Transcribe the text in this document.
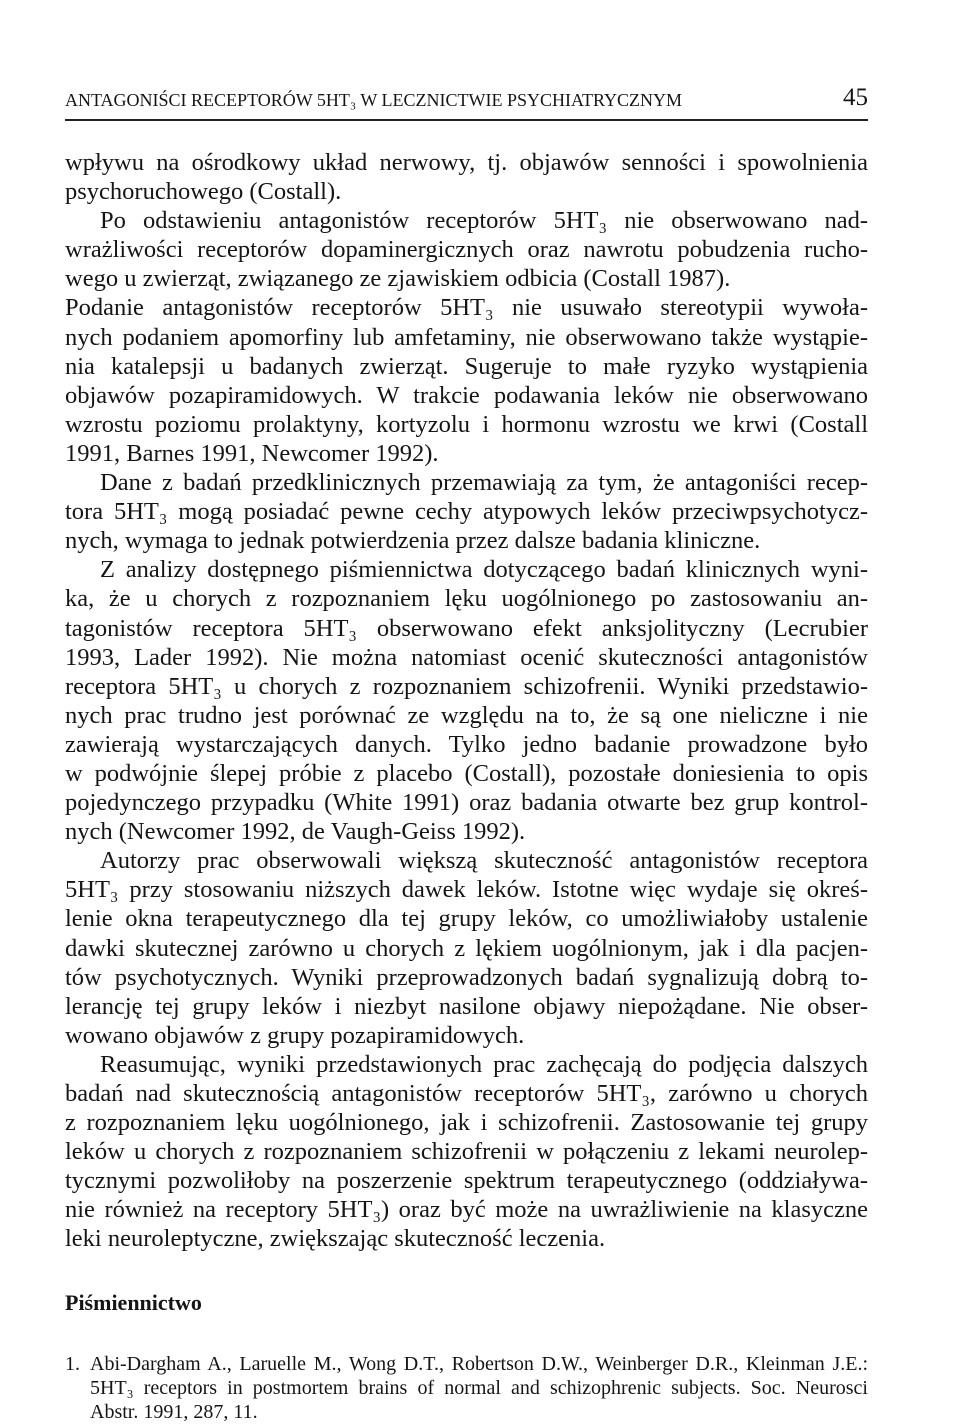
ANTAGONIŚCI RECEPTORÓW 5HT₃ W LECZNICTWIE PSYCHIATRYCZNYM	45
wpływu na ośrodkowy układ nerwowy, tj. objawów senności i spowolnienia
psychoruchowego (Costall).
Po odstawieniu antagonistów receptorów 5HT₃ nie obserwowano nad-
wrażliwości receptorów dopaminergicznych oraz nawrotu pobudzenia rucho-
wego u zwierząt, związanego ze zjawiskiem odbicia (Costall 1987).
Podanie antagonistów receptorów 5HT₃ nie usuwało stereotypii wywoła-
nych podaniem apomorfiny lub amfetaminy, nie obserwowano także wystąpie-
nia katalepsji u badanych zwierząt. Sugeruje to małe ryzyko wystąpienia
objawów pozapiramidowych. W trakcie podawania leków nie obserwowano
wzrostu poziomu prolaktyny, kortyzolu i hormonu wzrostu we krwi (Costall
1991, Barnes 1991, Newcomer 1992).
Dane z badań przedklinicznych przemawiają za tym, że antagoniści recep-
tora 5HT₃ mogą posiadać pewne cechy atypowych leków przeciwpsychotycz-
nych, wymaga to jednak potwierdzenia przez dalsze badania kliniczne.
Z analizy dostępnego piśmiennictwa dotyczącego badań klinicznych wyni-
ka, że u chorych z rozpoznaniem lęku uogólnionego po zastosowaniu an-
tagonistów receptora 5HT₃ obserwowano efekt anksjolityczny (Lecrubier
1993, Lader 1992). Nie można natomiast ocenić skuteczności antagonistów
receptora 5HT₃ u chorych z rozpoznaniem schizofrenii. Wyniki przedstawio-
nych prac trudno jest porównać ze względu na to, że są one nieliczne i nie
zawierają wystarczających danych. Tylko jedno badanie prowadzone było
w podwójnie ślepej próbie z placebo (Costall), pozostałe doniesienia to opis
pojedynczego przypadku (White 1991) oraz badania otwarte bez grup kontrol-
nych (Newcomer 1992, de Vaugh-Geiss 1992).
Autorzy prac obserwowali większą skuteczność antagonistów receptora
5HT₃ przy stosowaniu niższych dawek leków. Istotne więc wydaje się okreś-
lenie okna terapeutycznego dla tej grupy leków, co umożliwiałoby ustalenie
dawki skutecznej zarówno u chorych z lękiem uogólnionym, jak i dla pacjen-
tów psychotycznych. Wyniki przeprowadzonych badań sygnalizują dobrą to-
lerancję tej grupy leków i niezbyt nasilone objawy niepożądane. Nie obser-
wowano objawów z grupy pozapiramidowych.
Reasumując, wyniki przedstawionych prac zachęcają do podjęcia dalszych
badań nad skutecznością antagonistów receptorów 5HT₃, zarówno u chorych
z rozpoznaniem lęku uogólnionego, jak i schizofrenii. Zastosowanie tej grupy
leków u chorych z rozpoznaniem schizofrenii w połączeniu z lekami neurolep-
tycznymi pozwoliłoby na poszerzenie spektrum terapeutycznego (oddziaływa-
nie również na receptory 5HT₃) oraz być może na uwrażliwienie na klasyczne
leki neuroleptyczne, zwiększając skuteczność leczenia.
Piśmiennictwo
1. Abi-Dargham A., Laruelle M., Wong D.T., Robertson D.W., Weinberger D.R., Kleinman J.E.:
5HT₃ receptors in postmortem brains of normal and schizophrenic subjects. Soc. Neurosci
Abstr. 1991, 287, 11.
